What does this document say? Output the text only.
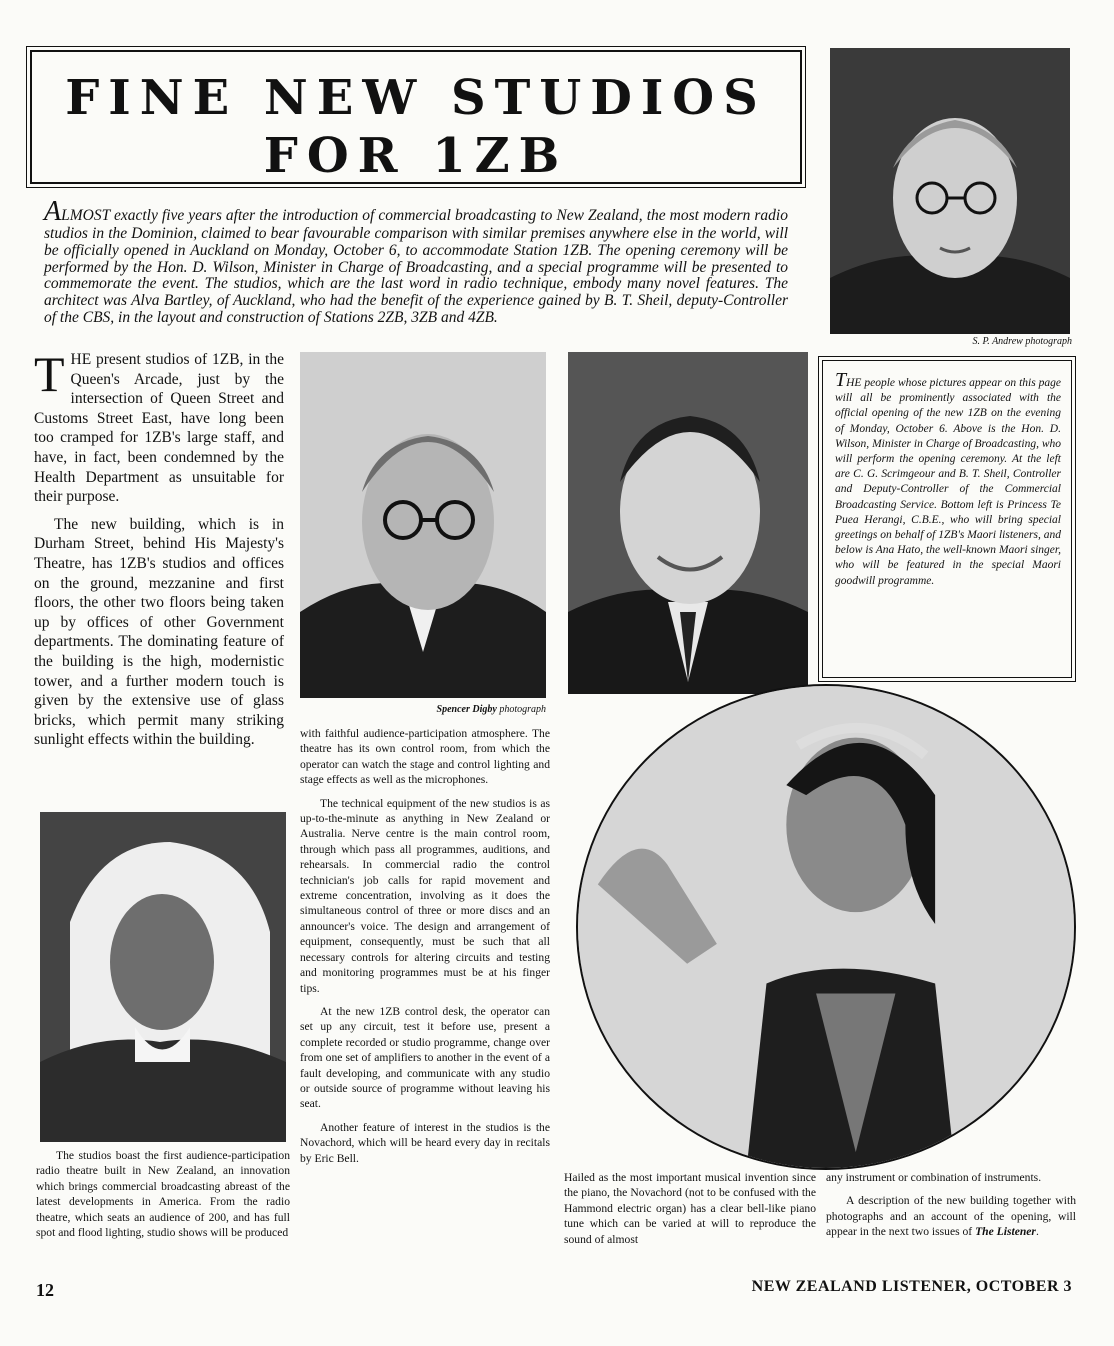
FINE NEW STUDIOS
FOR 1ZB

ALMOST exactly five years after the introduction of commercial broadcasting to New Zealand, the most modern radio studios in the Dominion, claimed to bear favourable comparison with similar premises anywhere else in the world, will be officially opened in Auckland on Monday, October 6, to accommodate Station 1ZB. The opening ceremony will be performed by the Hon. D. Wilson, Minister in Charge of Broadcasting, and a special programme will be presented to commemorate the event. The studios, which are the last word in radio technique, embody many novel features. The architect was Alva Bartley, of Auckland, who had the benefit of the experience gained by B. T. Sheil, deputy-Controller of the CBS, in the layout and construction of Stations 2ZB, 3ZB and 4ZB.

S. P. Andrew photograph

THE present studios of 1ZB, in the Queen's Arcade, just by the intersection of Queen Street and Customs Street East, have long been too cramped for 1ZB's large staff, and have, in fact, been condemned by the Health Department as unsuitable for their purpose.

The new building, which is in Durham Street, behind His Majesty's Theatre, has 1ZB's studios and offices on the ground, mezzanine and first floors, the other two floors being taken up by offices of other Government departments. The dominating feature of the building is the high, modernistic tower, and a further modern touch is given by the extensive use of glass bricks, which permit many striking sunlight effects within the building.

Spencer Digby photograph
THE people whose pictures appear on this page will all be prominently associated with the official opening of the new 1ZB on the evening of Monday, October 6. Above is the Hon. D. Wilson, Minister in Charge of Broadcasting, who will perform the opening ceremony. At the left are C. G. Scrimgeour and B. T. Sheil, Controller and Deputy-Controller of the Commercial Broadcasting Service. Bottom left is Princess Te Puea Herangi, C.B.E., who will bring special greetings on behalf of 1ZB's Maori listeners, and below is Ana Hato, the well-known Maori singer, who will be featured in the special Maori goodwill programme.

The studios boast the first audience-participation radio theatre built in New Zealand, an innovation which brings commercial broadcasting abreast of the latest developments in America. From the radio theatre, which seats an audience of 200, and has full spot and flood lighting, studio shows will be produced

with faithful audience-participation atmosphere. The theatre has its own control room, from which the operator can watch the stage and control lighting and stage effects as well as the microphones.

The technical equipment of the new studios is as up-to-the-minute as anything in New Zealand or Australia. Nerve centre is the main control room, through which pass all programmes, auditions, and rehearsals. In commercial radio the control technician's job calls for rapid movement and extreme concentration, involving as it does the simultaneous control of three or more discs and an announcer's voice. The design and arrangement of equipment, consequently, must be such that all necessary controls for altering circuits and testing and monitoring programmes must be at his finger tips.

At the new 1ZB control desk, the operator can set up any circuit, test it before use, present a complete recorded or studio programme, change over from one set of amplifiers to another in the event of a fault developing, and communicate with any studio or outside source of programme without leaving his seat.

Another feature of interest in the studios is the Novachord, which will be heard every day in recitals by Eric Bell.

Hailed as the most important musical invention since the piano, the Novachord (not to be confused with the Hammond electric organ) has a clear bell-like piano tune which can be varied at will to reproduce the sound of almost

any instrument or combination of instruments.

A description of the new building together with photographs and an account of the opening, will appear in the next two issues of The Listener.

12	NEW ZEALAND LISTENER, OCTOBER 3
